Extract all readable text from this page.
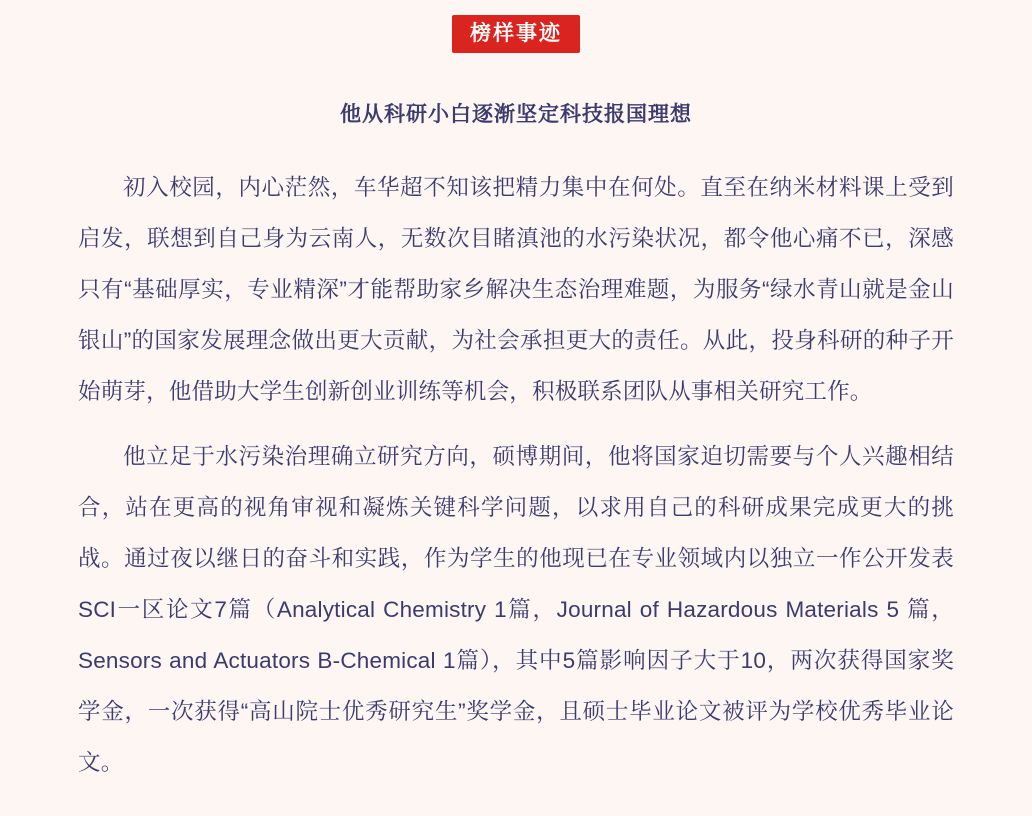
榜样事迹
他从科研小白逐渐坚定科技报国理想

初入校园，内心茫然，车华超不知该把精力集中在何处。直至在纳米材料课上受到启发，联想到自己身为云南人，无数次目睹滇池的水污染状况，都令他心痛不已，深感只有“基础厚实，专业精深”才能帮助家乡解决生态治理难题，为服务“绿水青山就是金山银山”的国家发展理念做出更大贡献，为社会承担更大的责任。从此，投身科研的种子开始萌芽，他借助大学生创新创业训练等机会，积极联系团队从事相关研究工作。

他立足于水污染治理确立研究方向，硕博期间，他将国家迫切需要与个人兴趣相结合，站在更高的视角审视和凝炼关键科学问题，以求用自己的科研成果完成更大的挑战。通过夜以继日的奋斗和实践，作为学生的他现已在专业领域内以独立一作公开发表SCI一区论文7篇（Analytical Chemistry 1篇，Journal of Hazardous Materials 5 篇，Sensors and Actuators B-Chemical 1篇），其中5篇影响因子大于10，两次获得国家奖学金，一次获得“高山院士优秀研究生”奖学金，且硕士毕业论文被评为学校优秀毕业论文。
